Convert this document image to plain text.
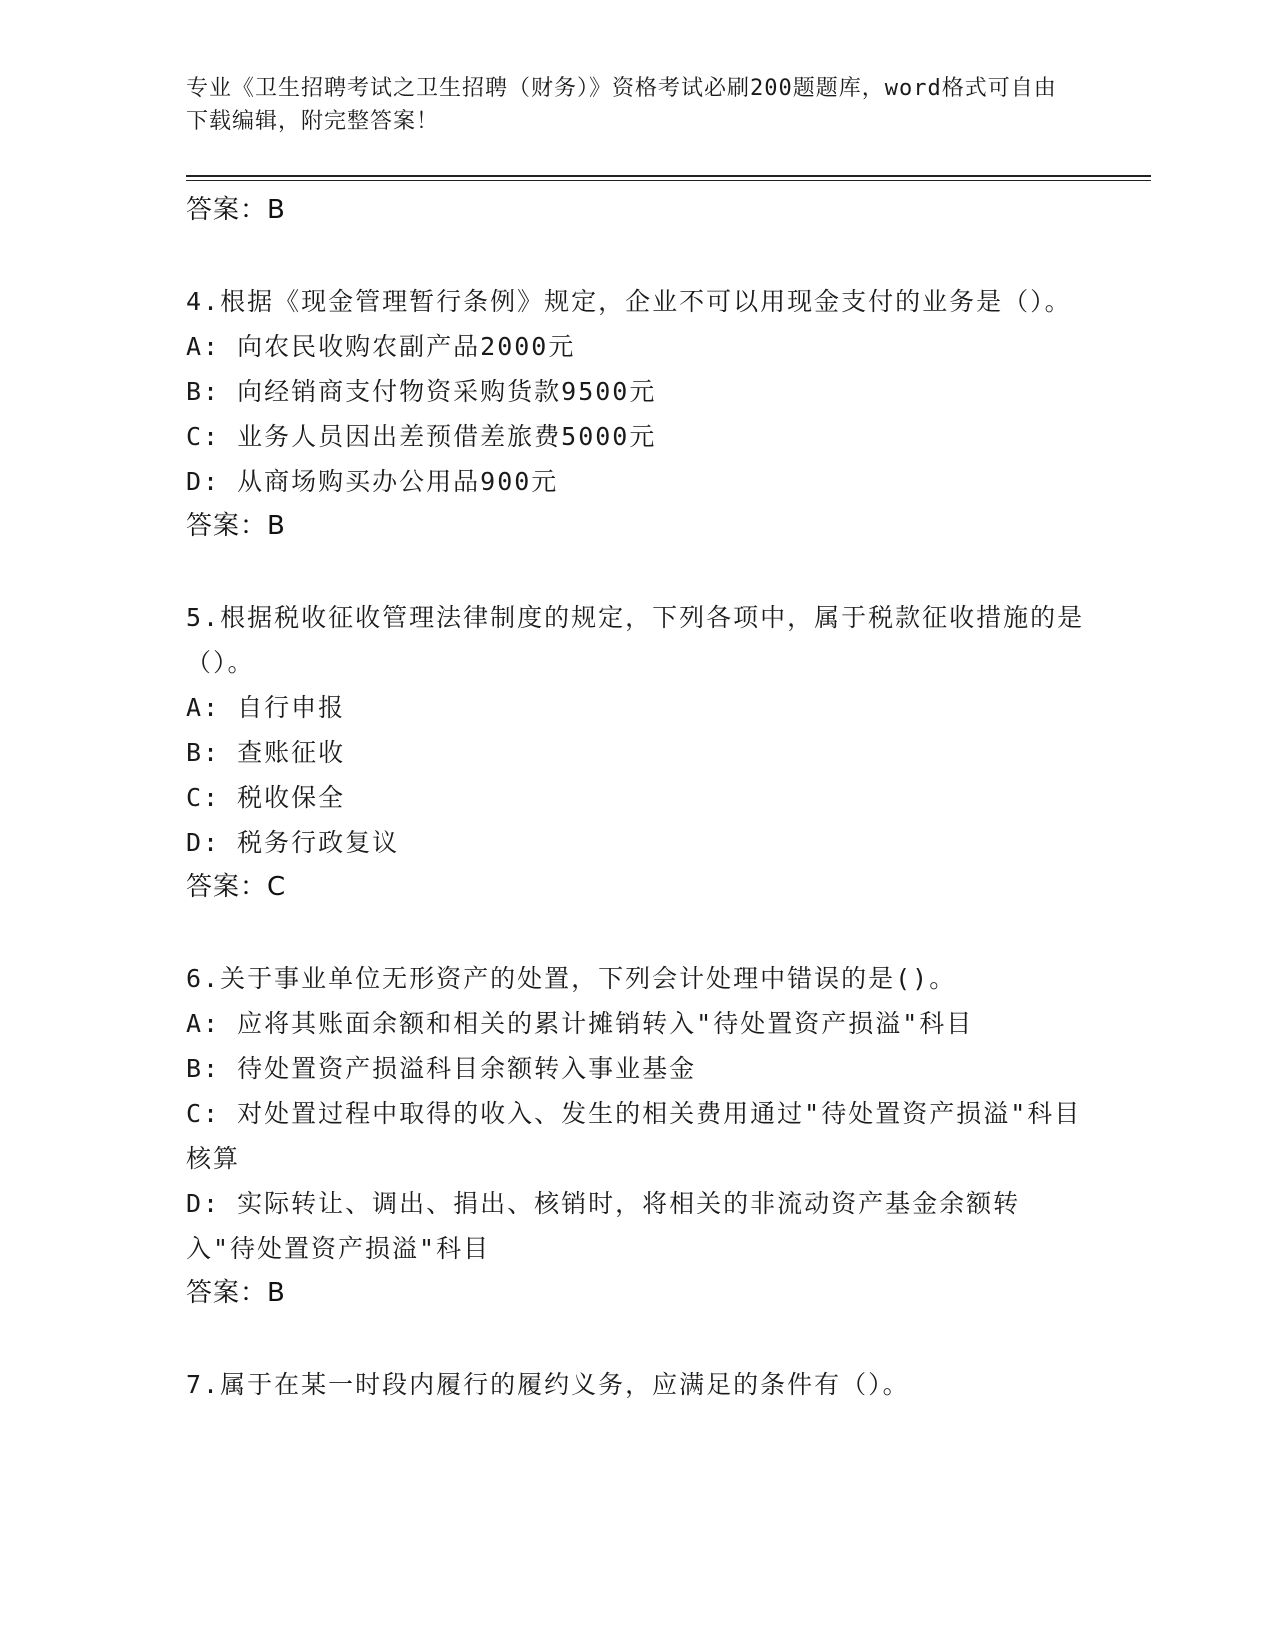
专业《卫生招聘考试之卫生招聘（财务）》资格考试必刷200题题库，word格式可自由下载编辑，附完整答案！
答案：B
4.根据《现金管理暂行条例》规定，企业不可以用现金支付的业务是（）。
A: 向农民收购农副产品2000元
B: 向经销商支付物资采购货款9500元
C: 业务人员因出差预借差旅费5000元
D: 从商场购买办公用品900元
答案：B
5.根据税收征收管理法律制度的规定，下列各项中，属于税款征收措施的是（）。
A: 自行申报
B: 查账征收
C: 税收保全
D: 税务行政复议
答案：C
6.关于事业单位无形资产的处置，下列会计处理中错误的是()。
A: 应将其账面余额和相关的累计摊销转入"待处置资产损溢"科目
B: 待处置资产损溢科目余额转入事业基金
C: 对处置过程中取得的收入、发生的相关费用通过"待处置资产损溢"科目核算
D: 实际转让、调出、捐出、核销时，将相关的非流动资产基金余额转入"待处置资产损溢"科目
答案：B
7.属于在某一时段内履行的履约义务，应满足的条件有（）。
